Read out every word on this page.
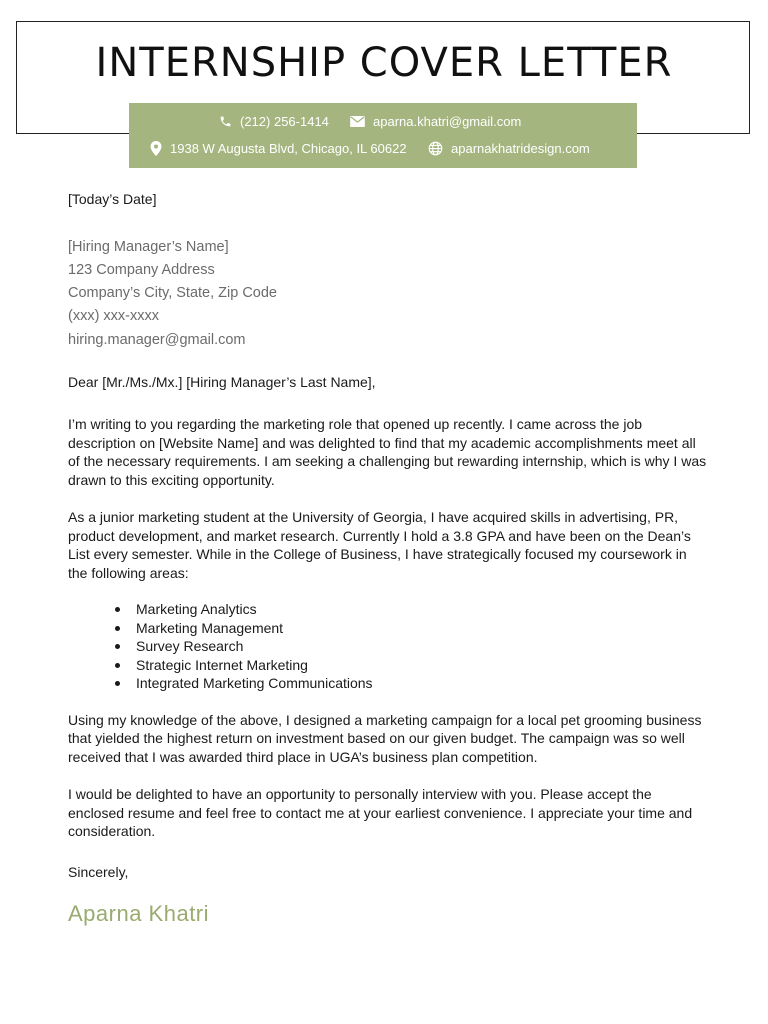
INTERNSHIP COVER LETTER
(212) 256-1414	aparna.khatri@gmail.com
1938 W Augusta Blvd, Chicago, IL 60622	aparnakhatridesign.com

[Today’s Date]

[Hiring Manager’s Name]
123 Company Address
Company’s City, State, Zip Code
(xxx) xxx-xxxx
hiring.manager@gmail.com

Dear [Mr./Ms./Mx.] [Hiring Manager’s Last Name],

I’m writing to you regarding the marketing role that opened up recently. I came across the job description on [Website Name] and was delighted to find that my academic accomplishments meet all of the necessary requirements. I am seeking a challenging but rewarding internship, which is why I was drawn to this exciting opportunity.

As a junior marketing student at the University of Georgia, I have acquired skills in advertising, PR, product development, and market research. Currently I hold a 3.8 GPA and have been on the Dean’s List every semester. While in the College of Business, I have strategically focused my coursework in the following areas:

Marketing Analytics
Marketing Management
Survey Research
Strategic Internet Marketing
Integrated Marketing Communications

Using my knowledge of the above, I designed a marketing campaign for a local pet grooming business that yielded the highest return on investment based on our given budget. The campaign was so well received that I was awarded third place in UGA’s business plan competition.

I would be delighted to have an opportunity to personally interview with you. Please accept the enclosed resume and feel free to contact me at your earliest convenience. I appreciate your time and consideration.

Sincerely,

Aparna Khatri
